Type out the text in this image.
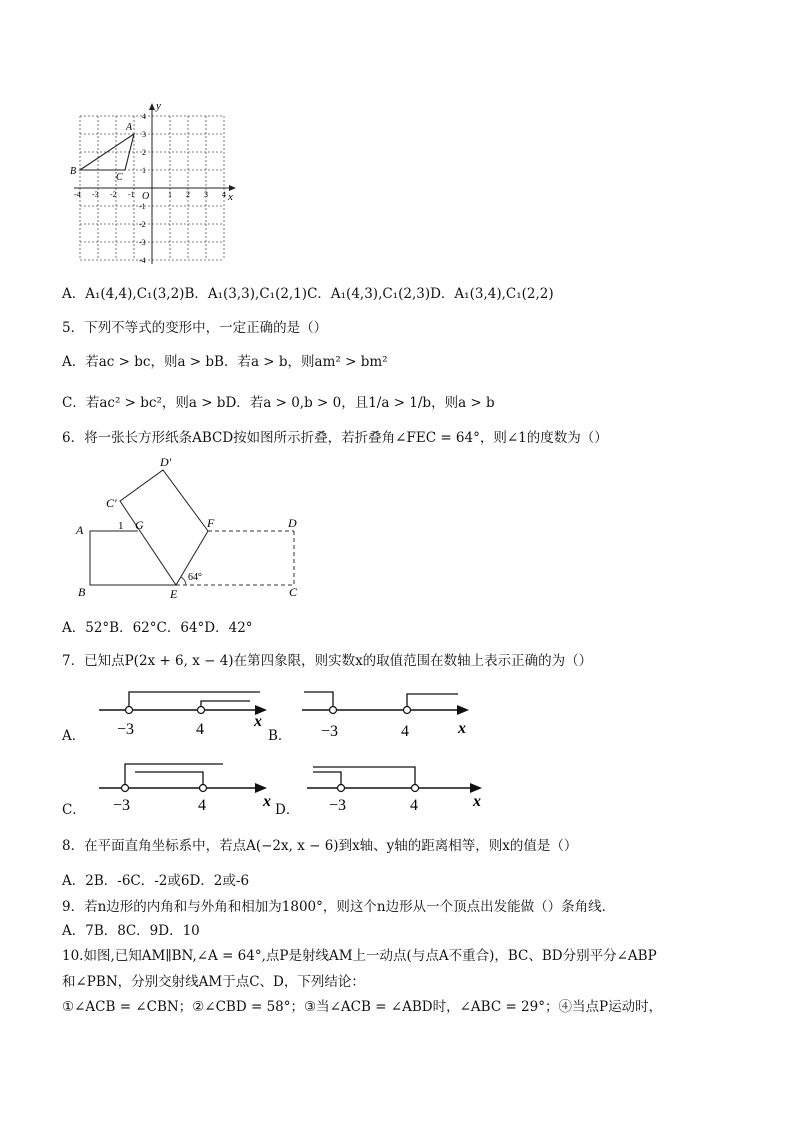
x
y
O
-4 -3 -2 -1	1 2 3 4
4
3
2
1
-1
-2
-3
-4
A
B
C
A．A₁(4,4),C₁(3,2)B．A₁(3,3),C₁(2,1)C．A₁(4,3),C₁(2,3)D．A₁(3,4),C₁(2,2)
5．下列不等式的变形中，一定正确的是（）
A．若ac > bc，则a > bB．若a > b，则am² > bm²
C．若ac² > bc²，则a > bD．若a > 0,b > 0，且1/a > 1/b，则a > b
6．将一张长方形纸条ABCD按如图所示折叠，若折叠角∠FEC = 64°，则∠1的度数为（）
D′
C′
A	1 G	F	D
64°
B	E	C
A．52°B．62°C．64°D．42°
7．已知点P(2x + 6, x − 4)在第四象限，则实数x的取值范围在数轴上表示正确的为（）
A． −3	4	x
B． −3	4	x
C． −3	4	x D． −3	4	x
8．在平面直角坐标系中，若点A(−2x, x − 6)到x轴、y轴的距离相等，则x的值是（）
A．2B．-6C．-2或6D．2或-6
9．若n边形的内角和与外角和相加为1800°，则这个n边形从一个顶点出发能做（）条角线．
A．7B．8C．9D．10
10.如图,已知AM∥BN,∠A = 64°,点P是射线AM上一动点(与点A不重合)，BC、BD分别平分∠ABP
和∠PBN，分别交射线AM于点C、D，下列结论：
①∠ACB = ∠CBN；②∠CBD = 58°；③当∠ACB = ∠ABD时，∠ABC = 29°；④当点P运动时，
